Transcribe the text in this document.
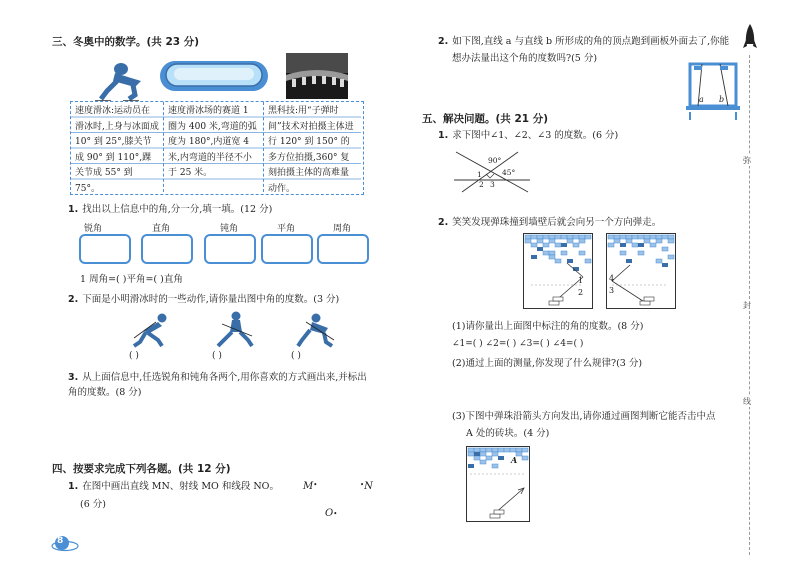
三、冬奥中的数学。(共 23 分)
速度滑冰:运动员在滑冰时,上身与冰面成 10° 到 25°,膝关节成 90° 到 110°,踝关节成 55° 到 75°。
速度滑冰场的赛道 1 圈为 400 米,弯道的弧度为 180°,内道宽 4 米,内弯道的半径不小于 25 米。
黑科技:用“子弹时间”技术对拍摄主体进行 120° 到 150° 的多方位拍摄,360° 复刻拍摄主体的高难量动作。
1. 找出以上信息中的角,分一分,填一填。(12 分)
锐角	直角	钝角	平角	周角
1 周角=( )平角=( )直角
2. 下面是小明滑冰时的一些动作,请你量出图中角的度数。(3 分)
( )	( )	( )
3. 从上面信息中,任选锐角和钝角各两个,用你喜欢的方式画出来,并标出角的度数。(8 分)
四、按要求完成下列各题。(共 12 分)
1. 在图中画出直线 MN、射线 MO 和线段 NO。
(6 分)
M•	•N
O•
8
2. 如下图,直线 a 与直线 b 所形成的角的顶点跑到画板外面去了,你能
想办法量出这个角的度数吗?(5 分)
a b
五、解决问题。(共 21 分)
1. 求下图中∠1、∠2、∠3 的度数。(6 分)
90°
45°
1
2 3
2. 笑笑发现弹珠撞到墙壁后就会向另一个方向弹走。
1
2
4
3
(1)请你量出上面图中标注的角的度数。(8 分)
∠1=( ) ∠2=( ) ∠3=( ) ∠4=( )
(2)通过上面的测量,你发现了什么规律?(3 分)
(3)下图中弹珠沿箭头方向发出,请你通过画图判断它能否击中点
A 处的砖块。(4 分)
A
弥
封
线
